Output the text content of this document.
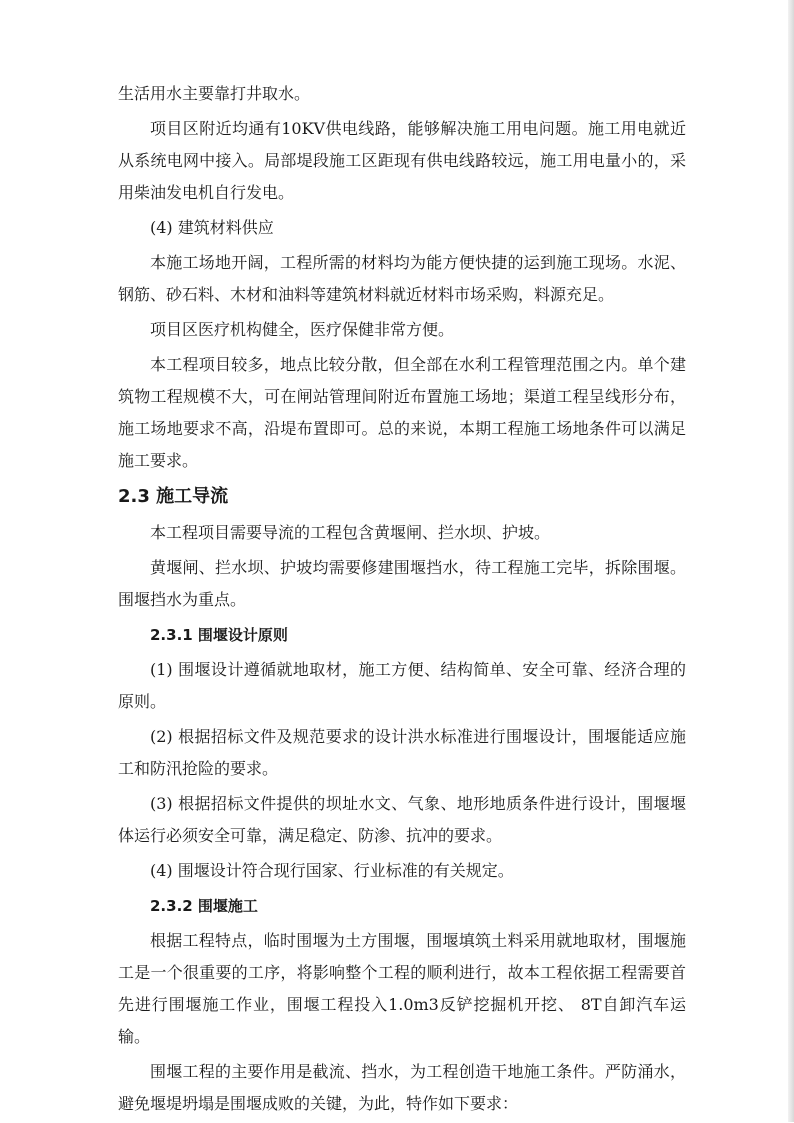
生活用水主要靠打井取水。

项目区附近均通有10KV供电线路，能够解决施工用电问题。施工用电就近从系统电网中接入。局部堤段施工区距现有供电线路较远，施工用电量小的，采用柴油发电机自行发电。

(4) 建筑材料供应

本施工场地开阔，工程所需的材料均为能方便快捷的运到施工现场。水泥、钢筋、砂石料、木材和油料等建筑材料就近材料市场采购，料源充足。

项目区医疗机构健全，医疗保健非常方便。

本工程项目较多，地点比较分散，但全部在水利工程管理范围之内。单个建筑物工程规模不大，可在闸站管理间附近布置施工场地；渠道工程呈线形分布，施工场地要求不高，沿堤布置即可。总的来说，本期工程施工场地条件可以满足施工要求。

2.3 施工导流

本工程项目需要导流的工程包含黄堰闸、拦水坝、护坡。

黄堰闸、拦水坝、护坡均需要修建围堰挡水，待工程施工完毕，拆除围堰。围堰挡水为重点。

2.3.1 围堰设计原则

(1) 围堰设计遵循就地取材，施工方便、结构简单、安全可靠、经济合理的原则。

(2) 根据招标文件及规范要求的设计洪水标准进行围堰设计，围堰能适应施工和防汛抢险的要求。

(3) 根据招标文件提供的坝址水文、气象、地形地质条件进行设计，围堰堰体运行必须安全可靠，满足稳定、防渗、抗冲的要求。

(4) 围堰设计符合现行国家、行业标准的有关规定。

2.3.2 围堰施工

根据工程特点，临时围堰为土方围堰，围堰填筑土料采用就地取材，围堰施工是一个很重要的工序，将影响整个工程的顺利进行，故本工程依据工程需要首先进行围堰施工作业，围堰工程投入1.0m3反铲挖掘机开挖、 8T自卸汽车运输。

围堰工程的主要作用是截流、挡水，为工程创造干地施工条件。严防涌水，避免堰堤坍塌是围堰成败的关键，为此，特作如下要求：
